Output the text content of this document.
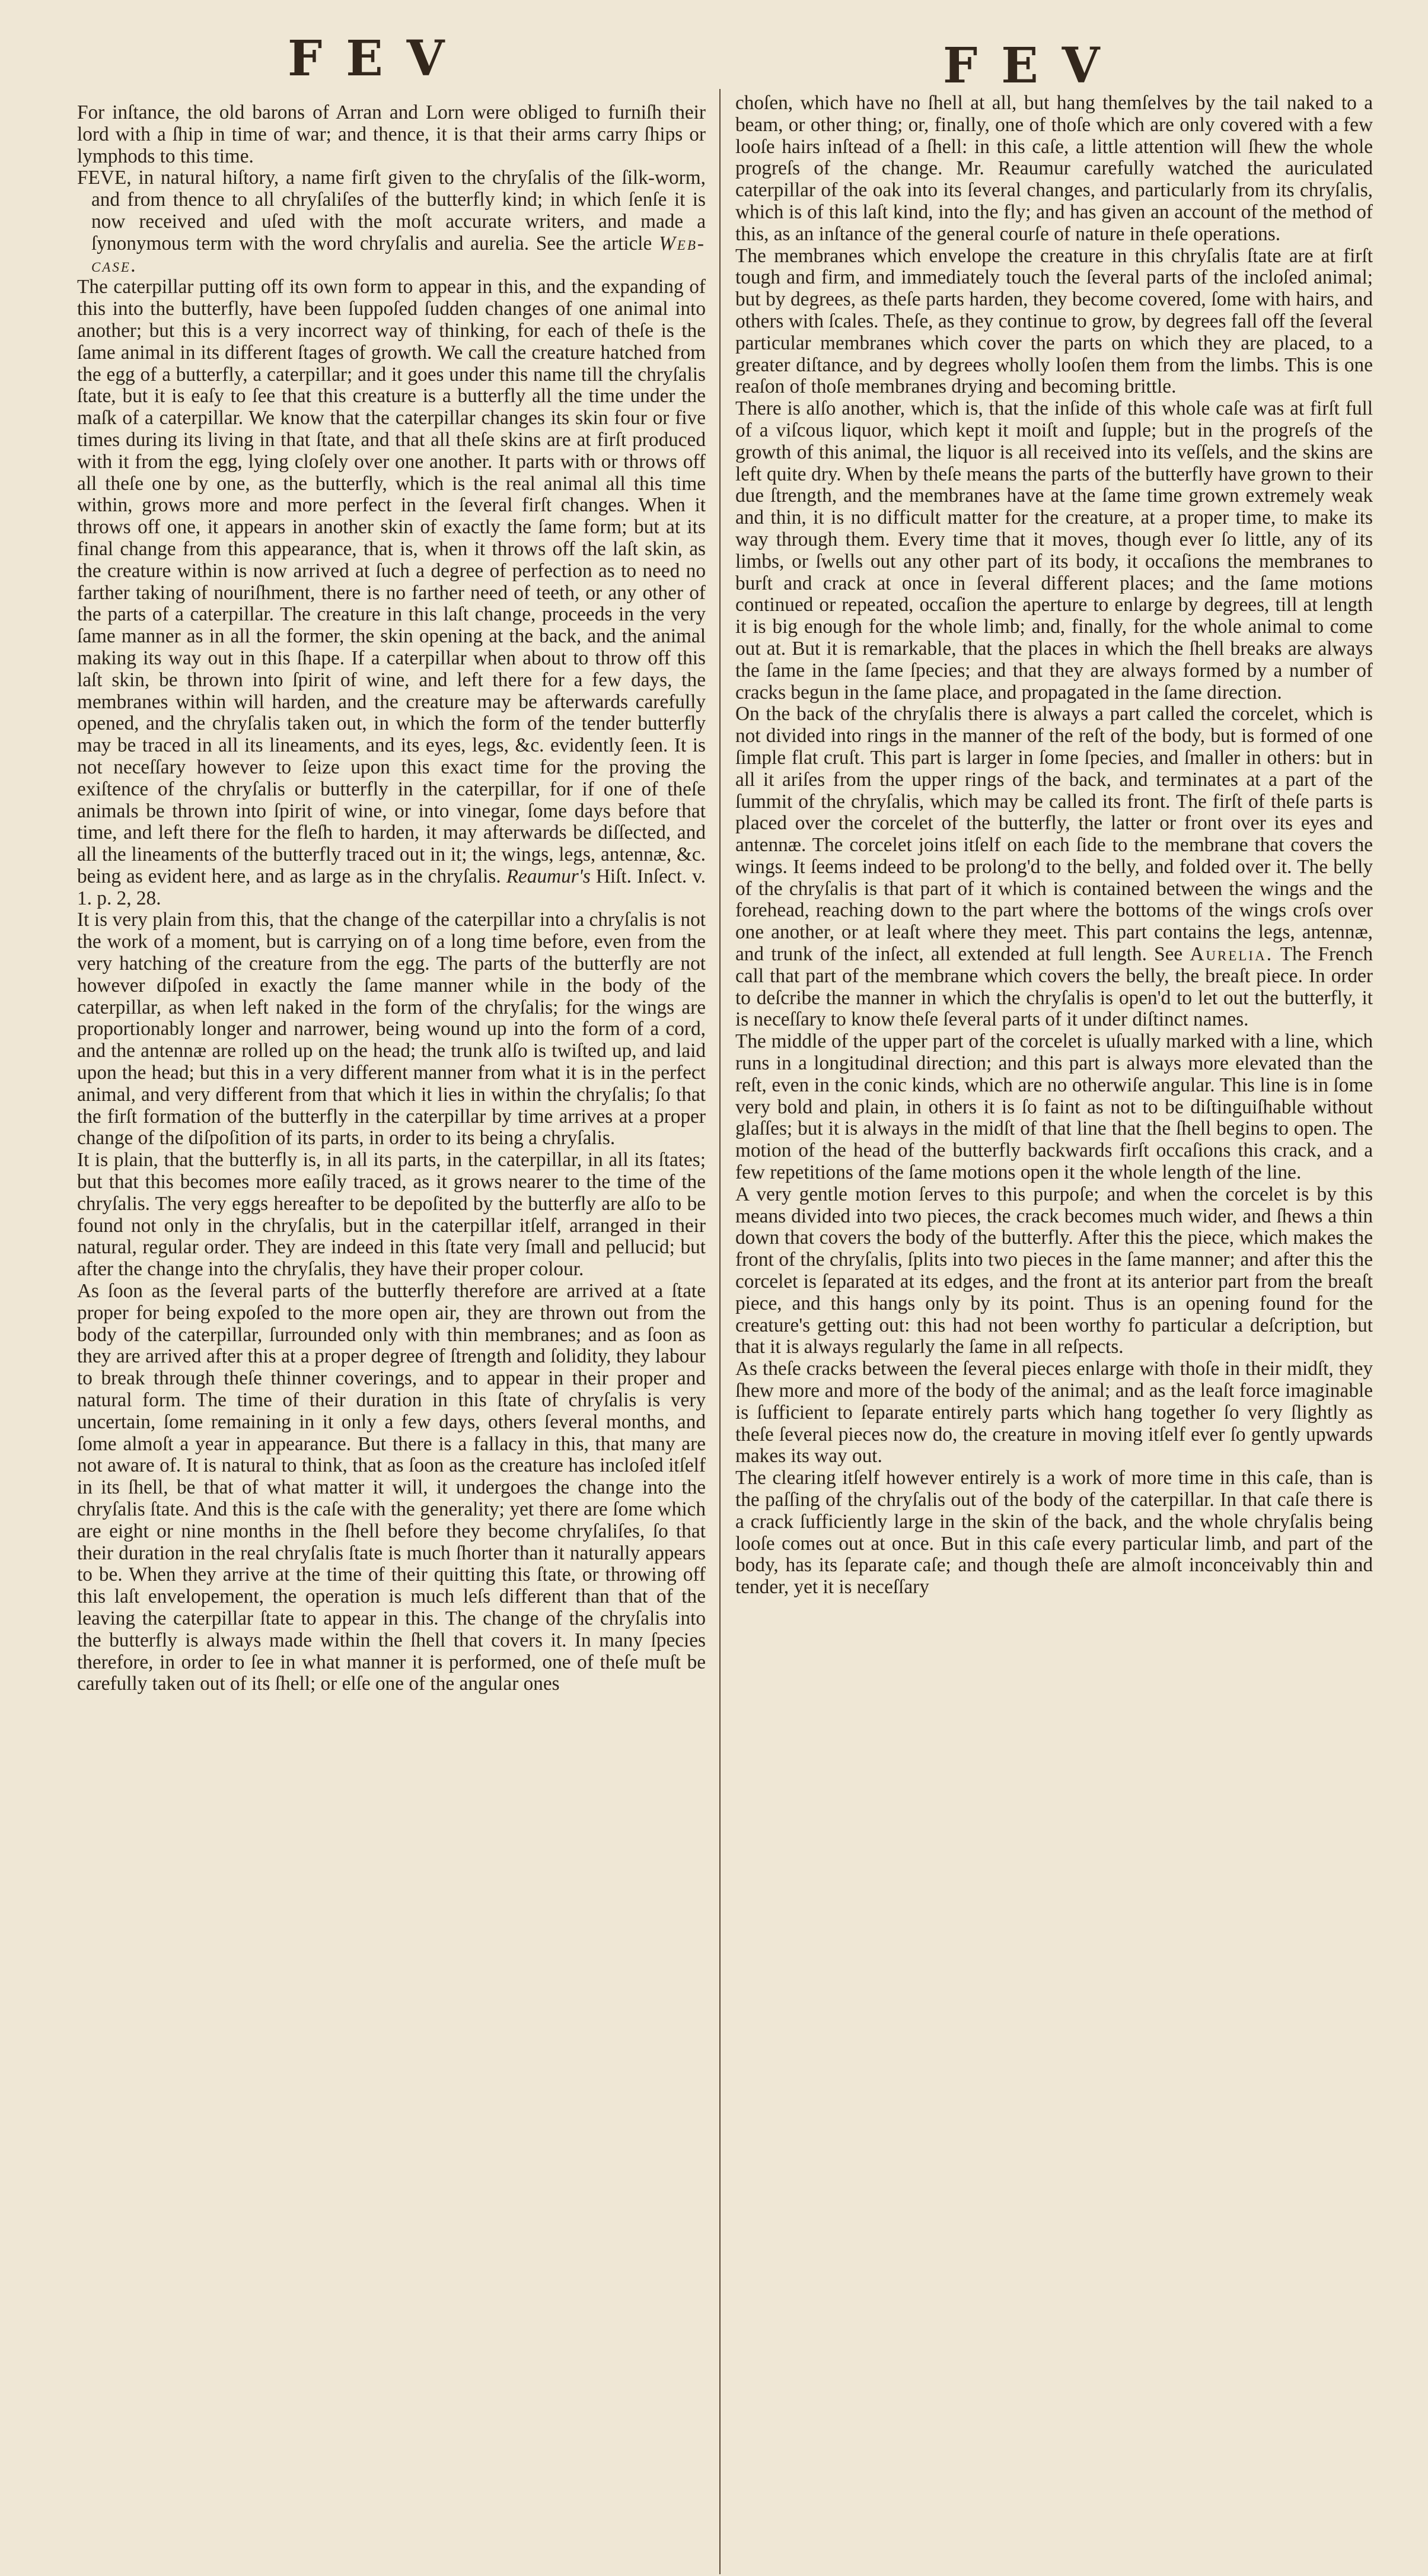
FEV	FEV

For inſtance, the old barons of Arran and Lorn were obliged to furniſh their lord with a ſhip in time of war; and thence, it is that their arms carry ſhips or lymphods to this time.

FEVE, in natural hiſtory, a name firſt given to the chryſalis of the ſilk-worm, and from thence to all chryſaliſes of the butterfly kind; in which ſenſe it is now received and uſed with the moſt accurate writers, and made a ſynonymous term with the word chryſalis and aurelia. See the article Web-caſe.

The caterpillar putting off its own form to appear in this, and the expanding of this into the butterfly, have been ſuppoſed ſudden changes of one animal into another; but this is a very incorrect way of thinking, for each of theſe is the ſame animal in its different ſtages of growth. We call the creature hatched from the egg of a butterfly, a caterpillar; and it goes under this name till the chryſalis ſtate, but it is eaſy to ſee that this creature is a butterfly all the time under the maſk of a caterpillar. We know that the caterpillar changes its skin four or five times during its living in that ſtate, and that all theſe skins are at firſt produced with it from the egg, lying cloſely over one another. It parts with or throws off all theſe one by one, as the butterfly, which is the real animal all this time within, grows more and more perfect in the ſeveral firſt changes. When it throws off one, it appears in another skin of exactly the ſame form; but at its final change from this appearance, that is, when it throws off the laſt skin, as the creature within is now arrived at ſuch a degree of perfection as to need no farther taking of nouriſhment, there is no farther need of teeth, or any other of the parts of a caterpillar. The creature in this laſt change, proceeds in the very ſame manner as in all the former, the skin opening at the back, and the animal making its way out in this ſhape. If a caterpillar when about to throw off this laſt skin, be thrown into ſpirit of wine, and left there for a few days, the membranes within will harden, and the creature may be afterwards carefully opened, and the chryſalis taken out, in which the form of the tender butterfly may be traced in all its lineaments, and its eyes, legs, &c. evidently ſeen. It is not neceſſary however to ſeize upon this exact time for the proving the exiſtence of the chryſalis or butterfly in the caterpillar, for if one of theſe animals be thrown into ſpirit of wine, or into vinegar, ſome days before that time, and left there for the fleſh to harden, it may afterwards be diſſected, and all the lineaments of the butterfly traced out in it; the wings, legs, antennæ, &c. being as evident here, and as large as in the chryſalis. Reaumur's Hiſt. Inſect. v. 1. p. 2, 28.

It is very plain from this, that the change of the caterpillar into a chryſalis is not the work of a moment, but is carrying on of a long time before, even from the very hatching of the creature from the egg. The parts of the butterfly are not however diſpoſed in exactly the ſame manner while in the body of the caterpillar, as when left naked in the form of the chryſalis; for the wings are proportionably longer and narrower, being wound up into the form of a cord, and the antennæ are rolled up on the head; the trunk alſo is twiſted up, and laid upon the head; but this in a very different manner from what it is in the perfect animal, and very different from that which it lies in within the chryſalis; ſo that the firſt formation of the butterfly in the caterpillar by time arrives at a proper change of the diſpoſition of its parts, in order to its being a chryſalis.

It is plain, that the butterfly is, in all its parts, in the caterpillar, in all its ſtates; but that this becomes more eaſily traced, as it grows nearer to the time of the chryſalis. The very eggs hereafter to be depoſited by the butterfly are alſo to be found not only in the chryſalis, but in the caterpillar itſelf, arranged in their natural, regular order. They are indeed in this ſtate very ſmall and pellucid; but after the change into the chryſalis, they have their proper colour.

As ſoon as the ſeveral parts of the butterfly therefore are arrived at a ſtate proper for being expoſed to the more open air, they are thrown out from the body of the caterpillar, ſurrounded only with thin membranes; and as ſoon as they are arrived after this at a proper degree of ſtrength and ſolidity, they labour to break through theſe thinner coverings, and to appear in their proper and natural form. The time of their duration in this ſtate of chryſalis is very uncertain, ſome remaining in it only a few days, others ſeveral months, and ſome almoſt a year in appearance. But there is a fallacy in this, that many are not aware of. It is natural to think, that as ſoon as the creature has incloſed itſelf in its ſhell, be that of what matter it will, it undergoes the change into the chryſalis ſtate. And this is the caſe with the generality; yet there are ſome which are eight or nine months in the ſhell before they become chryſaliſes, ſo that their duration in the real chryſalis ſtate is much ſhorter than it naturally appears to be. When they arrive at the time of their quitting this ſtate, or throwing off this laſt envelopement, the operation is much leſs different than that of the leaving the caterpillar ſtate to appear in this. The change of the chryſalis into the butterfly is always made within the ſhell that covers it. In many ſpecies therefore, in order to ſee in what manner it is performed, one of theſe muſt be carefully taken out of its ſhell; or elſe one of the angular ones

choſen, which have no ſhell at all, but hang themſelves by the tail naked to a beam, or other thing; or, finally, one of thoſe which are only covered with a few looſe hairs inſtead of a ſhell: in this caſe, a little attention will ſhew the whole progreſs of the change. Mr. Reaumur carefully watched the auriculated caterpillar of the oak into its ſeveral changes, and particularly from its chryſalis, which is of this laſt kind, into the fly; and has given an account of the method of this, as an inſtance of the general courſe of nature in theſe operations.

The membranes which envelope the creature in this chryſalis ſtate are at firſt tough and firm, and immediately touch the ſeveral parts of the incloſed animal; but by degrees, as theſe parts harden, they become covered, ſome with hairs, and others with ſcales. Theſe, as they continue to grow, by degrees fall off the ſeveral particular membranes which cover the parts on which they are placed, to a greater diſtance, and by degrees wholly looſen them from the limbs. This is one reaſon of thoſe membranes drying and becoming brittle.

There is alſo another, which is, that the inſide of this whole caſe was at firſt full of a viſcous liquor, which kept it moiſt and ſupple; but in the progreſs of the growth of this animal, the liquor is all received into its veſſels, and the skins are left quite dry. When by theſe means the parts of the butterfly have grown to their due ſtrength, and the membranes have at the ſame time grown extremely weak and thin, it is no difficult matter for the creature, at a proper time, to make its way through them. Every time that it moves, though ever ſo little, any of its limbs, or ſwells out any other part of its body, it occaſions the membranes to burſt and crack at once in ſeveral different places; and the ſame motions continued or repeated, occaſion the aperture to enlarge by degrees, till at length it is big enough for the whole limb; and, finally, for the whole animal to come out at. But it is remarkable, that the places in which the ſhell breaks are always the ſame in the ſame ſpecies; and that they are always formed by a number of cracks begun in the ſame place, and propagated in the ſame direction.

On the back of the chryſalis there is always a part called the corcelet, which is not divided into rings in the manner of the reſt of the body, but is formed of one ſimple flat cruſt. This part is larger in ſome ſpecies, and ſmaller in others: but in all it ariſes from the upper rings of the back, and terminates at a part of the ſummit of the chryſalis, which may be called its front. The firſt of theſe parts is placed over the corcelet of the butterfly, the latter or front over its eyes and antennæ. The corcelet joins itſelf on each ſide to the membrane that covers the wings. It ſeems indeed to be prolong'd to the belly, and folded over it. The belly of the chryſalis is that part of it which is contained between the wings and the forehead, reaching down to the part where the bottoms of the wings croſs over one another, or at leaſt where they meet. This part contains the legs, antennæ, and trunk of the inſect, all extended at full length. See Aurelia. The French call that part of the membrane which covers the belly, the breaſt piece. In order to deſcribe the manner in which the chryſalis is open'd to let out the butterfly, it is neceſſary to know theſe ſeveral parts of it under diſtinct names.

The middle of the upper part of the corcelet is uſually marked with a line, which runs in a longitudinal direction; and this part is always more elevated than the reſt, even in the conic kinds, which are no otherwiſe angular. This line is in ſome very bold and plain, in others it is ſo faint as not to be diſtinguiſhable without glaſſes; but it is always in the midſt of that line that the ſhell begins to open. The motion of the head of the butterfly backwards firſt occaſions this crack, and a few repetitions of the ſame motions open it the whole length of the line.

A very gentle motion ſerves to this purpoſe; and when the corcelet is by this means divided into two pieces, the crack becomes much wider, and ſhews a thin down that covers the body of the butterfly. After this the piece, which makes the front of the chryſalis, ſplits into two pieces in the ſame manner; and after this the corcelet is ſeparated at its edges, and the front at its anterior part from the breaſt piece, and this hangs only by its point. Thus is an opening found for the creature's getting out: this had not been worthy fo particular a deſcription, but that it is always regularly the ſame in all reſpects.

As theſe cracks between the ſeveral pieces enlarge with thoſe in their midſt, they ſhew more and more of the body of the animal; and as the leaſt force imaginable is ſufficient to ſeparate entirely parts which hang together ſo very ſlightly as theſe ſeveral pieces now do, the creature in moving itſelf ever ſo gently upwards makes its way out.

The clearing itſelf however entirely is a work of more time in this caſe, than is the paſſing of the chryſalis out of the body of the caterpillar. In that caſe there is a crack ſufficiently large in the skin of the back, and the whole chryſalis being looſe comes out at once. But in this caſe every particular limb, and part of the body, has its ſeparate caſe; and though theſe are almoſt inconceivably thin and tender, yet it is neceſſary
